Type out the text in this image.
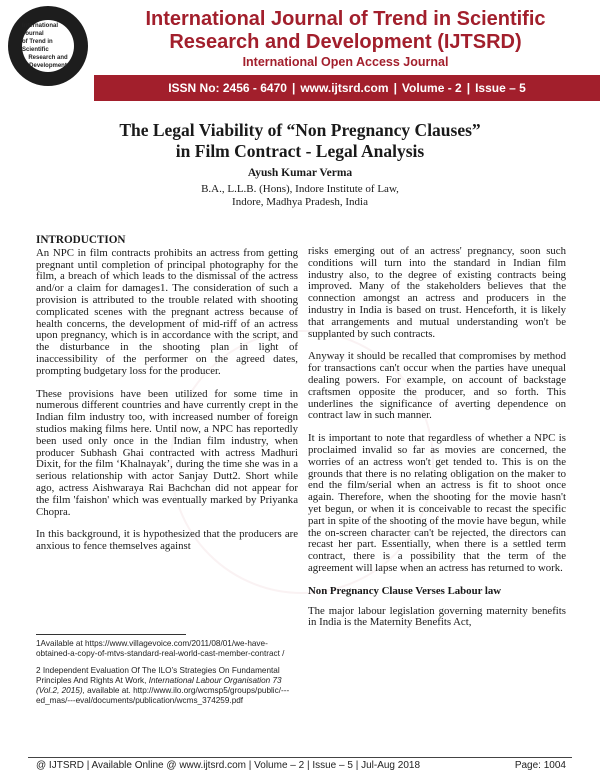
International Journal
of Trend in Scientific
Research and
Development
International Journal of Trend in Scientific
Research and Development (IJTSRD)
International Open Access Journal
ISSN No: 2456 - 6470 | www.ijtsrd.com | Volume - 2 | Issue – 5
The Legal Viability of “Non Pregnancy Clauses”
in Film Contract - Legal Analysis
Ayush Kumar Verma
B.A., L.L.B. (Hons), Indore Institute of Law,
Indore, Madhya Pradesh, India
INTRODUCTION

An NPC in film contracts prohibits an actress from getting pregnant until completion of principal photography for the film, a breach of which leads to the dismissal of the actress and/or a claim for damages1. The consideration of such a provision is attributed to the trouble related with shooting complicated scenes with the pregnant actress because of health concerns, the development of mid-riff of an actress upon pregnancy, which is in accordance with the script, and the disturbance in the shooting plan in light of inaccessibility of the performer on the agreed dates, prompting budgetary loss for the producer.

These provisions have been utilized for some time in numerous different countries and have currently crept in the Indian film industry too, with increased number of foreign studios making films here. Until now, a NPC has reportedly been used only once in the Indian film industry, when producer Subhash Ghai contracted with actress Madhuri Dixit, for the film ‘Khalnayak’, during the time she was in a serious relationship with actor Sanjay Dutt2. Short while ago, actress Aishwaraya Rai Bachchan did not appear for the film 'faishon' which was eventually marked by Priyanka Chopra.

In this background, it is hypothesized that the producers are anxious to fence themselves against

1Available at https://www.villagevoice.com/2011/08/01/we-have-obtained-a-copy-of-mtvs-standard-real-world-cast-member-contract /

2 Independent Evaluation Of The ILO’s Strategies On Fundamental Principles And Rights At Work, International Labour Organisation 73 (Vol.2, 2015), available at. http://www.ilo.org/wcmsp5/groups/public/---ed_mas/---eval/documents/publication/wcms_374259.pdf

risks emerging out of an actress' pregnancy, soon such conditions will turn into the standard in Indian film industry also, to the degree of existing contracts being improved. Many of the stakeholders believes that the connection amongst an actress and producers in the industry in India is based on trust. Henceforth, it is likely that arrangements and mutual understanding won't be supplanted by such contracts.

Anyway it should be recalled that compromises by method for transactions can't occur when the parties have unequal dealing powers. For example, on account of backstage craftsmen opposite the producer, and so forth. This underlines the significance of averting dependence on contract law in such manner.

It is important to note that regardless of whether a NPC is proclaimed invalid so far as movies are concerned, the worries of an actress won't get tended to. This is on the grounds that there is no relating obligation on the maker to end the film/serial when an actress is fit to shoot once again. Therefore, when the shooting for the movie hasn't yet begun, or when it is conceivable to recast the specific part in spite of the shooting of the movie have begun, while the on-screen character can't be rejected, the directors can recast her part. Essentially, when there is a settled term contract, there is a possibility that the term of the agreement will lapse when an actress has returned to work.

Non Pregnancy Clause Verses Labour law

The major labour legislation governing maternity benefits in India is the Maternity Benefits Act,

@ IJTSRD | Available Online @ www.ijtsrd.com | Volume – 2 | Issue – 5 | Jul-Aug 2018	Page: 1004
